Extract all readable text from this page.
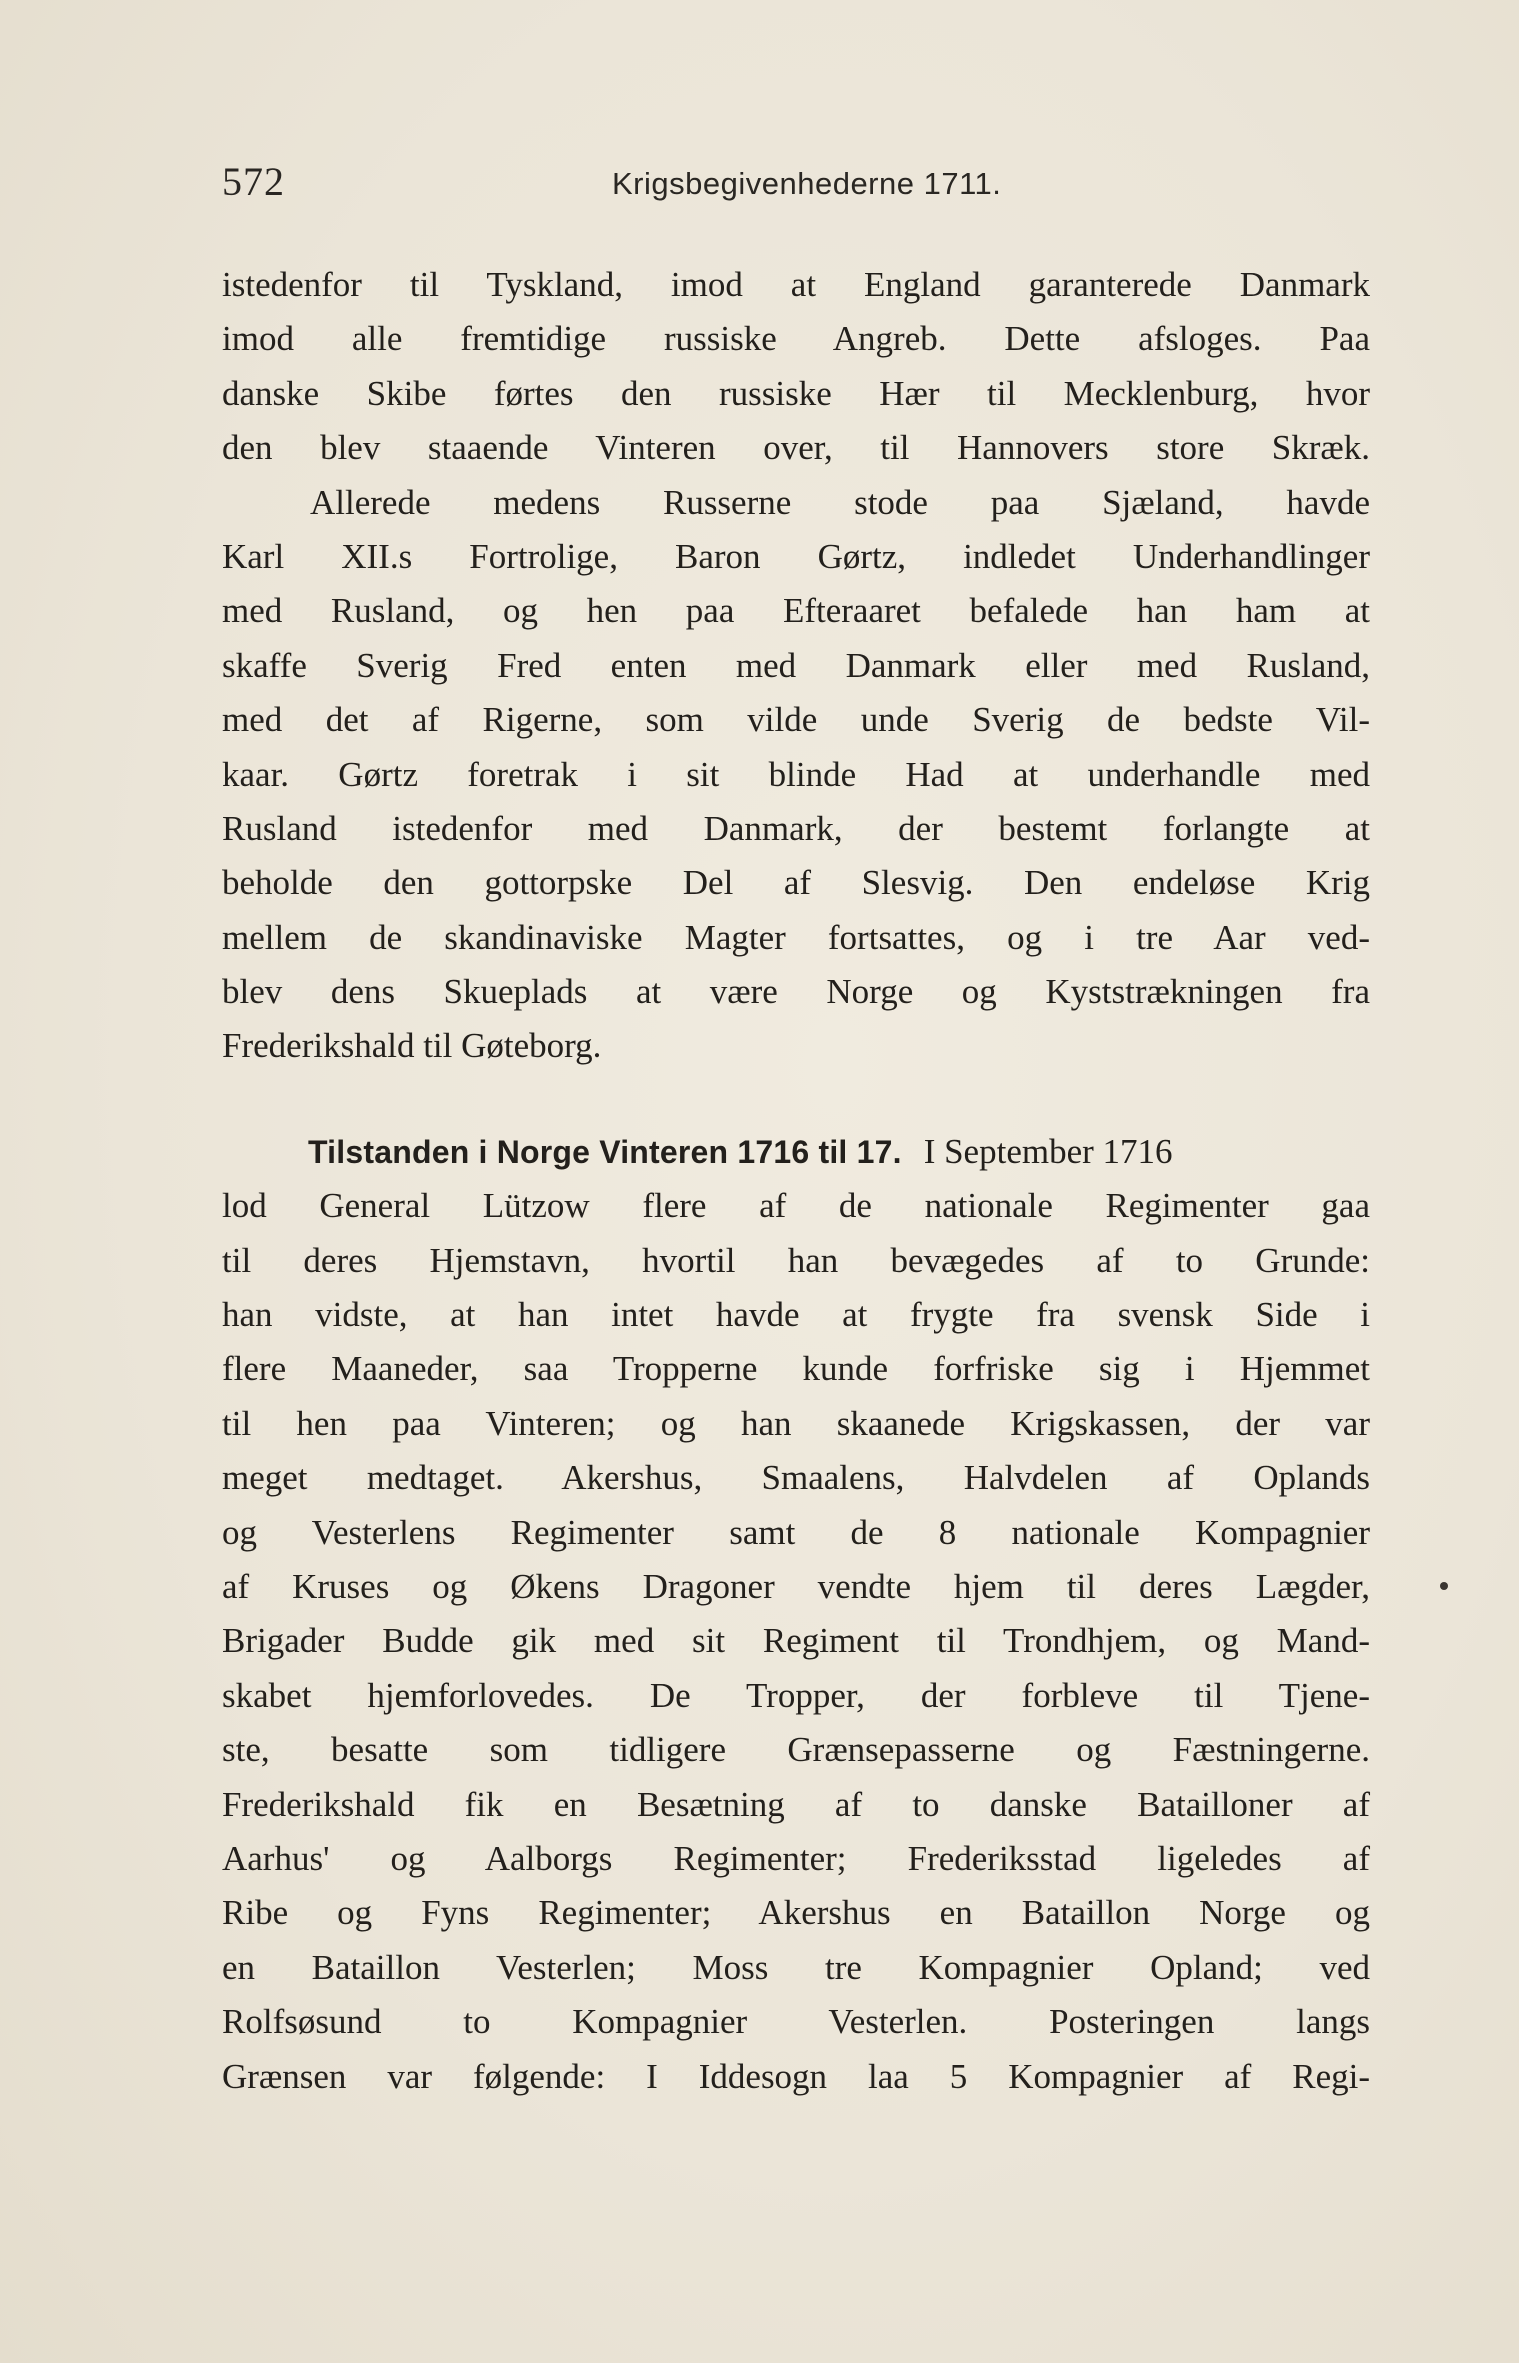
572	Krigsbegivenhederne 1711.
istedenfor til Tyskland, imod at England garanterede Danmark
imod alle fremtidige russiske Angreb. Dette afsloges. Paa
danske Skibe førtes den russiske Hær til Mecklenburg, hvor
den blev staaende Vinteren over, til Hannovers store Skræk.
Allerede medens Russerne stode paa Sjæland, havde
Karl XII.s Fortrolige, Baron Gørtz, indledet Underhandlinger
med Rusland, og hen paa Efteraaret befalede han ham at
skaffe Sverig Fred enten med Danmark eller med Rusland,
med det af Rigerne, som vilde unde Sverig de bedste Vil-
kaar. Gørtz foretrak i sit blinde Had at underhandle med
Rusland istedenfor med Danmark, der bestemt forlangte at
beholde den gottorpske Del af Slesvig. Den endeløse Krig
mellem de skandinaviske Magter fortsattes, og i tre Aar ved-
blev dens Skueplads at være Norge og Kyststrækningen fra
Frederikshald til Gøteborg.
Tilstanden i Norge Vinteren 1716 til 17. I September 1716
lod General Lützow flere af de nationale Regimenter gaa
til deres Hjemstavn, hvortil han bevægedes af to Grunde:
han vidste, at han intet havde at frygte fra svensk Side i
flere Maaneder, saa Tropperne kunde forfriske sig i Hjemmet
til hen paa Vinteren; og han skaanede Krigskassen, der var
meget medtaget. Akershus, Smaalens, Halvdelen af Oplands
og Vesterlens Regimenter samt de 8 nationale Kompagnier
af Kruses og Økens Dragoner vendte hjem til deres Lægder,
Brigader Budde gik med sit Regiment til Trondhjem, og Mand-
skabet hjemforlovedes. De Tropper, der forbleve til Tjene-
ste, besatte som tidligere Grænsepasserne og Fæstningerne.
Frederikshald fik en Besætning af to danske Batailloner af
Aarhus' og Aalborgs Regimenter; Frederiksstad ligeledes af
Ribe og Fyns Regimenter; Akershus en Bataillon Norge og
en Bataillon Vesterlen; Moss tre Kompagnier Opland; ved
Rolfsøsund to Kompagnier Vesterlen. Posteringen langs
Grænsen var følgende: I Iddesogn laa 5 Kompagnier af Regi-
